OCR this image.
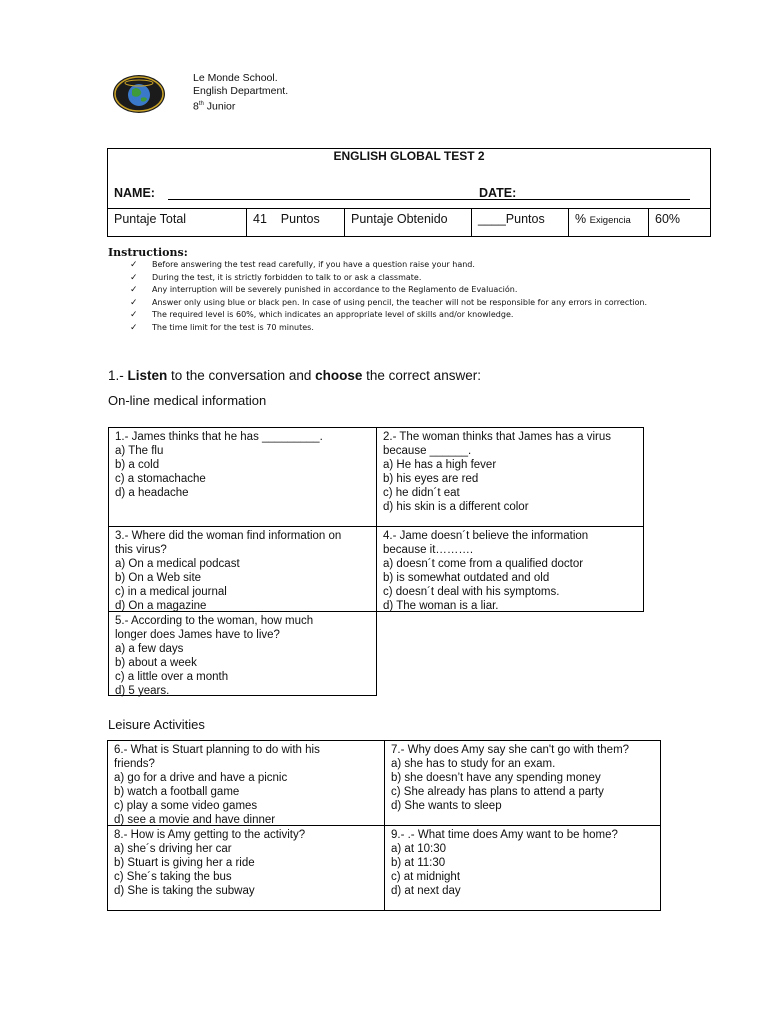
Le Monde School.
English Department.
8th Junior
ENGLISH GLOBAL TEST 2
NAME:	DATE:
Puntaje Total	41    Puntos	Puntaje Obtenido	____Puntos	% Exigencia	60%
Instructions:
✓ Before answering the test read carefully, if you have a question raise your hand.
✓ During the test, it is strictly forbidden to talk to or ask a classmate.
✓ Any interruption will be severely punished in accordance to the Reglamento de Evaluación.
✓ Answer only using blue or black pen. In case of using pencil, the teacher will not be responsible for any errors in correction.
✓ The required level is 60%, which indicates an appropriate level of skills and/or knowledge.
✓ The time limit for the test is 70 minutes.
1.- Listen to the conversation and choose the correct answer:
On-line medical information
1.- James thinks that he has _________.
a) The flu
b) a cold
c) a stomachache
d) a headache
2.- The woman thinks that James has a virus
because ______.
a) He has a high fever
b) his eyes are red
c) he didn´t eat
d) his skin is a different color
3.- Where did the woman find information on
this virus?
a) On a medical podcast
b) On a Web site
c) in a medical journal
d) On a magazine
4.- Jame doesn´t believe the information
because it……….
a) doesn´t come from a qualified doctor
b) is somewhat outdated and old
c) doesn´t deal with his symptoms.
d) The woman is a liar.
5.- According to the woman, how much
longer does James have to live?
a) a few days
b) about a week
c) a little over a month
d) 5 years.
Leisure Activities
6.- What is Stuart planning to do with his
friends?
a) go for a drive and have a picnic
b) watch a football game
c) play a some video games
d) see a movie and have dinner
7.- Why does Amy say she can't go with them?
a) she has to study for an exam.
b) she doesn’t have any spending money
c) She already has plans to attend a party
d) She wants to sleep
8.- How is Amy getting to the activity?
a) she´s driving her car
b) Stuart is giving her a ride
c) She´s taking the bus
d) She is taking the subway
9.- .- What time does Amy want to be home?
a) at 10:30
b) at 11:30
c) at midnight
d) at next day
